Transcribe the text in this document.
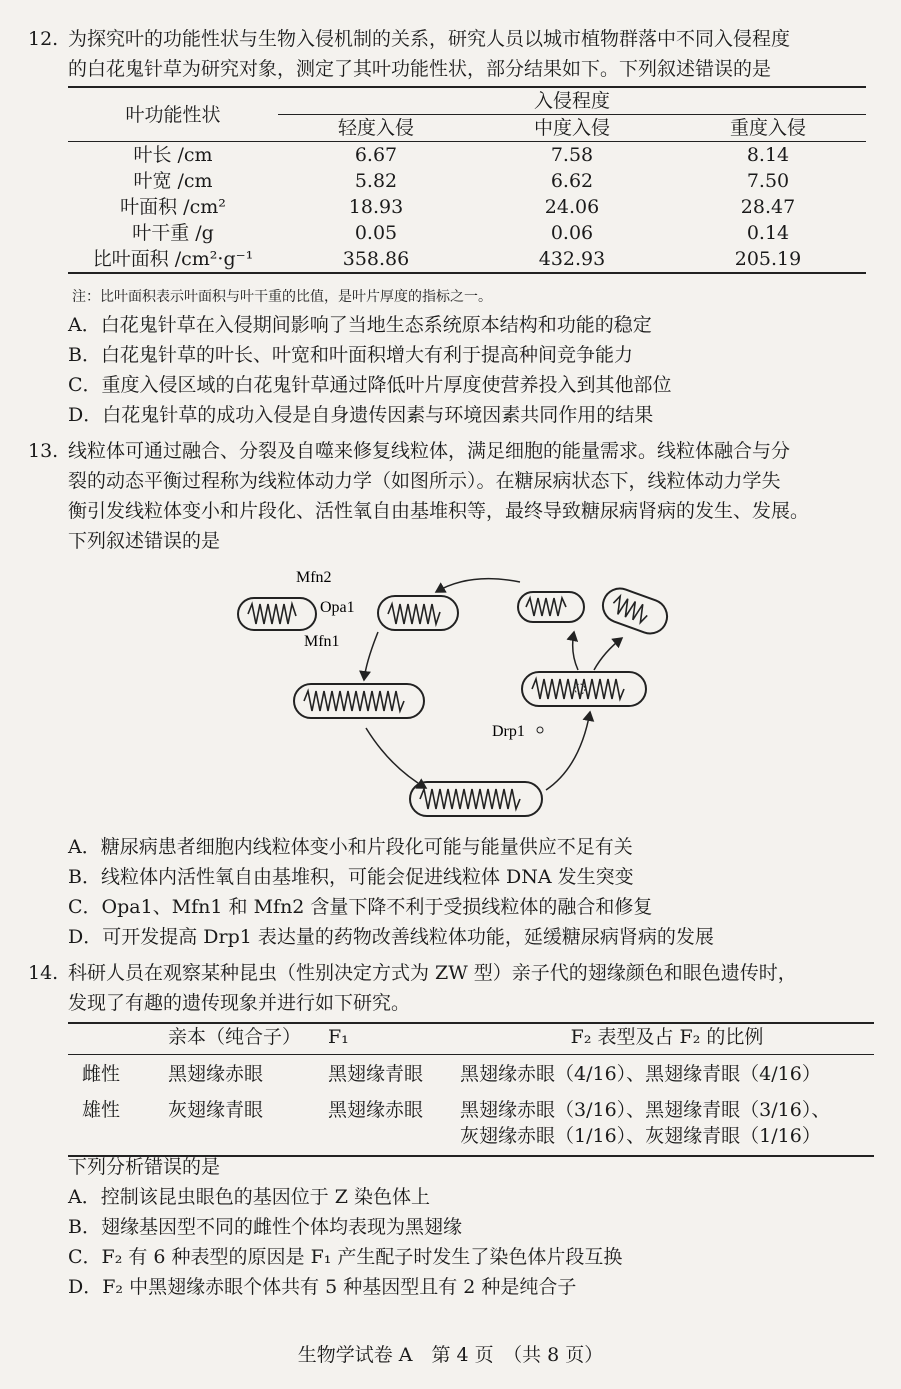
12. 为探究叶的功能性状与生物入侵机制的关系，研究人员以城市植物群落中不同入侵程度
的白花鬼针草为研究对象，测定了其叶功能性状，部分结果如下。下列叙述错误的是
叶功能性状	入侵程度		
	轻度入侵	中度入侵	重度入侵
叶长 /cm	6.67	7.58	8.14
叶宽 /cm	5.82	6.62	7.50
叶面积 /cm²	18.93	24.06	28.47
叶干重 /g	0.05	0.06	0.14
比叶面积 /cm²·g⁻¹	358.86	432.93	205.19
注：比叶面积表示叶面积与叶干重的比值，是叶片厚度的指标之一。
A．白花鬼针草在入侵期间影响了当地生态系统原本结构和功能的稳定
B．白花鬼针草的叶长、叶宽和叶面积增大有利于提高种间竞争能力
C．重度入侵区域的白花鬼针草通过降低叶片厚度使营养投入到其他部位
D．白花鬼针草的成功入侵是自身遗传因素与环境因素共同作用的结果
13. 线粒体可通过融合、分裂及自噬来修复线粒体，满足细胞的能量需求。线粒体融合与分
裂的动态平衡过程称为线粒体动力学（如图所示）。在糖尿病状态下，线粒体动力学失
衡引发线粒体变小和片段化、活性氧自由基堆积等，最终导致糖尿病肾病的发生、发展。
下列叙述错误的是
Mfn2
Opa1
Mfn1
Drp1
A．糖尿病患者细胞内线粒体变小和片段化可能与能量供应不足有关
B．线粒体内活性氧自由基堆积，可能会促进线粒体 DNA 发生突变
C．Opa1、Mfn1 和 Mfn2 含量下降不利于受损线粒体的融合和修复
D．可开发提高 Drp1 表达量的药物改善线粒体功能，延缓糖尿病肾病的发展
14. 科研人员在观察某种昆虫（性别决定方式为 ZW 型）亲子代的翅缘颜色和眼色遗传时，
发现了有趣的遗传现象并进行如下研究。
	亲本（纯合子）	F₁	F₂ 表型及占 F₂ 的比例
雌性	黑翅缘赤眼	黑翅缘青眼	黑翅缘赤眼（4/16）、黑翅缘青眼（4/16）
雄性	灰翅缘青眼	黑翅缘赤眼	黑翅缘赤眼（3/16）、黑翅缘青眼（3/16）、
灰翅缘赤眼（1/16）、灰翅缘青眼（1/16）
下列分析错误的是
A．控制该昆虫眼色的基因位于 Z 染色体上
B．翅缘基因型不同的雌性个体均表现为黑翅缘
C．F₂ 有 6 种表型的原因是 F₁ 产生配子时发生了染色体片段互换
D．F₂ 中黑翅缘赤眼个体共有 5 种基因型且有 2 种是纯合子
生物学试卷 A　第 4 页　（共 8 页）
